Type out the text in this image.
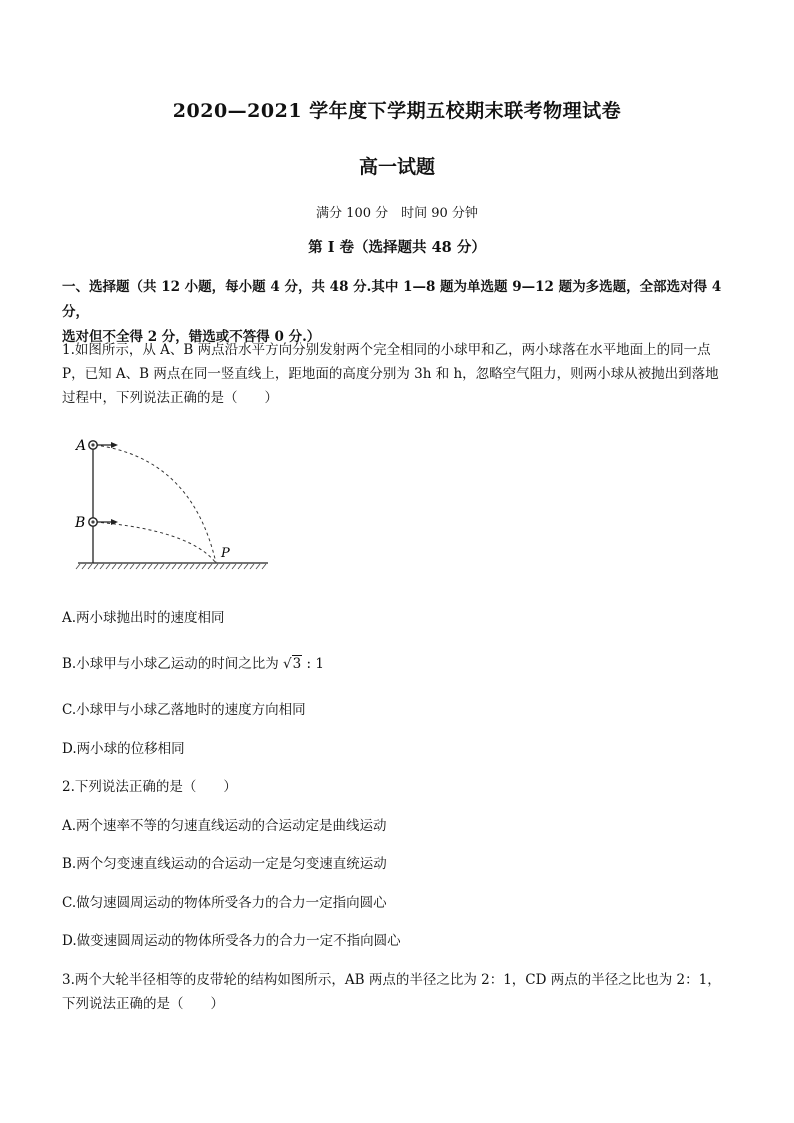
2020—2021 学年度下学期五校期末联考物理试卷
高一试题
满分 100 分　时间 90 分钟
第 I 卷（选择题共 48 分）
一、选择题（共 12 小题，每小题 4 分，共 48 分.其中 1—8 题为单选题 9—12 题为多选题，全部选对得 4 分，
选对但不全得 2 分，错选或不答得 0 分.）
1.如图所示，从 A、B 两点沿水平方向分别发射两个完全相同的小球甲和乙，两小球落在水平地面上的同一点
P，已知 A、B 两点在同一竖直线上，距地面的高度分别为 3h 和 h，忽略空气阻力，则两小球从被抛出到落地
过程中，下列说法正确的是（　　）
A
B
P
A.两小球抛出时的速度相同
B.小球甲与小球乙运动的时间之比为 √3 : 1
C.小球甲与小球乙落地时的速度方向相同
D.两小球的位移相同
2.下列说法正确的是（　　）
A.两个速率不等的匀速直线运动的合运动定是曲线运动
B.两个匀变速直线运动的合运动一定是匀变速直统运动
C.做匀速圆周运动的物体所受各力的合力一定指向圆心
D.做变速圆周运动的物体所受各力的合力一定不指向圆心
3.两个大轮半径相等的皮带轮的结构如图所示，AB 两点的半径之比为 2：1，CD 两点的半径之比也为 2：1，
下列说法正确的是（　　）
